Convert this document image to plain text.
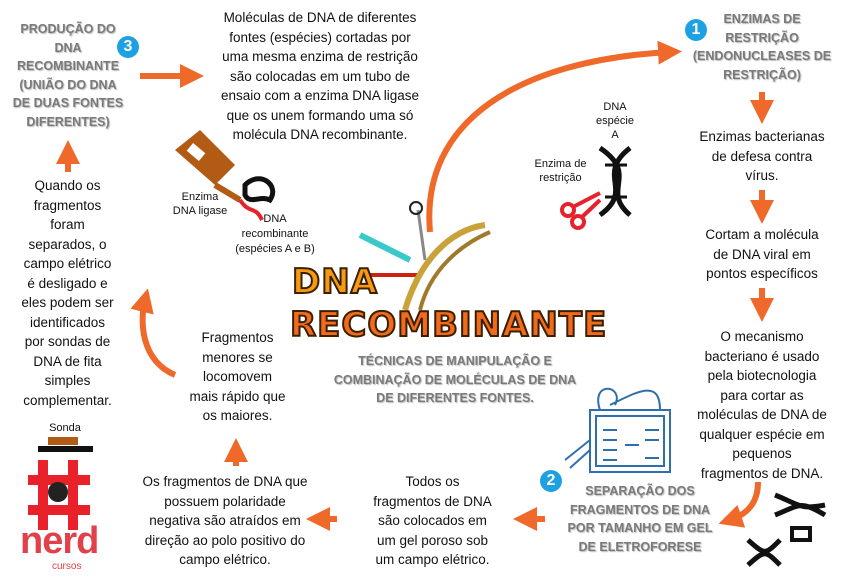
3
PRODUÇÃO DO
DNA
RECOMBINANTE
(UNIÃO DO DNA
DE DUAS FONTES
DIFERENTES)
Moléculas de DNA de diferentes
fontes (espécies) cortadas por
uma mesma enzima de restrição
são colocadas em um tubo de
ensaio com a enzima DNA ligase
que os unem formando uma só
molécula DNA recombinante.
1
ENZIMAS DE
RESTRIÇÃO
(ENDONUCLEASES DE
RESTRIÇÃO)
Enzimas bacterianas
de defesa contra
vírus.
Cortam a molécula
de DNA viral em
pontos específicos
O mecanismo
bacteriano é usado
pela biotecnologia
para cortar as
moléculas de DNA de
qualquer espécie em
pequenos
fragmentos de DNA.
2
SEPARAÇÃO DOS
FRAGMENTOS DE DNA
POR TAMANHO EM GEL
DE ELETROFORESE
Todos os
fragmentos de DNA
são colocados em
um gel poroso sob
um campo elétrico.
Os fragmentos de DNA que
possuem polaridade
negativa são atraídos em
direção ao polo positivo do
campo elétrico.
Fragmentos
menores se
locomovem
mais rápido que
os maiores.
Quando os
fragmentos
foram
separados, o
campo elétrico
é desligado e
eles podem ser
identificados
por sondas de
DNA de fita
simples
complementar.
Enzima
DNA ligase
DNA
recombinante
(espécies A e B)
DNA
espécie
A
Enzima de
restrição
Sonda
DNA
RECOMBINANTE
TÉCNICAS DE MANIPULAÇÃO E
COMBINAÇÃO DE MOLÉCULAS DE DNA
DE DIFERENTES FONTES.
nerd
cursos
